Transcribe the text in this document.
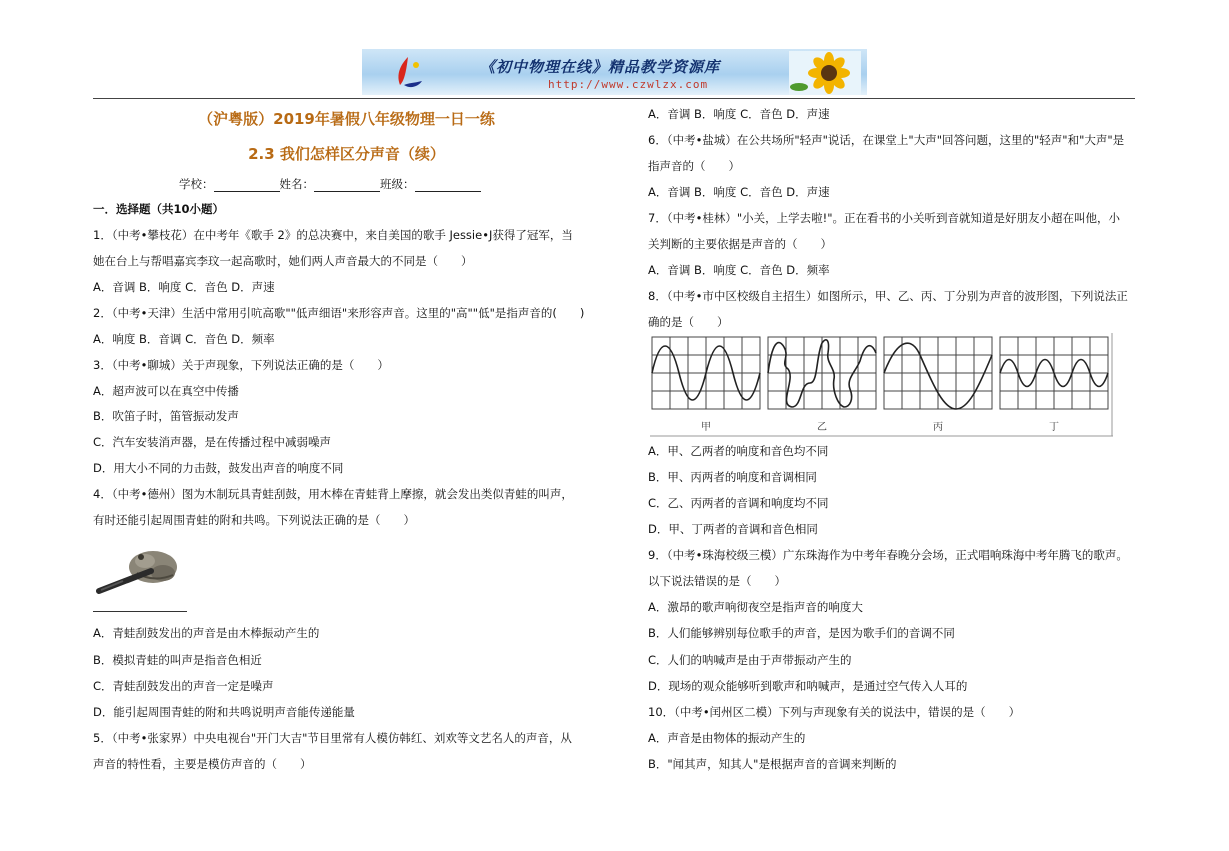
《初中物理在线》精品教学资源库
http://www.czwlzx.com
（沪粤版）2019年暑假八年级物理一日一练
2.3 我们怎样区分声音（续）
学校：	姓名：	班级：
一．选择题（共10小题）
1．（中考•攀枝花）在中考年《歌手 2》的总决赛中，来自美国的歌手 Jessie•J获得了冠军，当
她在台上与帮唱嘉宾李玟一起高歌时，她们两人声音最大的不同是（　　）
A．音调 B．响度 C．音色 D．声速
2．（中考•天津）生活中常用引吭高歌""低声细语"来形容声音。这里的"高""低"是指声音的(　　)
A．响度 B．音调 C．音色 D．频率
3．（中考•聊城）关于声现象，下列说法正确的是（　　）
A．超声波可以在真空中传播
B．吹笛子时，笛管振动发声
C．汽车安装消声器，是在传播过程中减弱噪声
D．用大小不同的力击鼓，鼓发出声音的响度不同
4．（中考•德州）图为木制玩具青蛙刮鼓，用木棒在青蛙背上摩擦，就会发出类似青蛙的叫声，
有时还能引起周围青蛙的附和共鸣。下列说法正确的是（　　）
A．青蛙刮鼓发出的声音是由木棒振动产生的
B．模拟青蛙的叫声是指音色相近
C．青蛙刮鼓发出的声音一定是噪声
D．能引起周围青蛙的附和共鸣说明声音能传递能量
5．（中考•张家界）中央电视台"开门大吉"节目里常有人模仿韩红、刘欢等文艺名人的声音，从
声音的特性看，主要是模仿声音的（　　）
A．音调 B．响度 C．音色 D．声速
6．（中考•盐城）在公共场所"轻声"说话，在课堂上"大声"回答问题，这里的"轻声"和"大声"是
指声音的（　　）
A．音调 B．响度 C．音色 D．声速
7．（中考•桂林）"小关，上学去啦!"。正在看书的小关听到音就知道是好朋友小超在叫他，小
关判断的主要依据是声音的（　　）
A．音调 B．响度 C．音色 D．频率
8．（中考•市中区校级自主招生）如图所示，甲、乙、丙、丁分别为声音的波形图，下列说法正
确的是（　　）
甲	乙	丙	丁
A．甲、乙两者的响度和音色均不同
B．甲、丙两者的响度和音调相同
C．乙、丙两者的音调和响度均不同
D．甲、丁两者的音调和音色相同
9．（中考•珠海校级三模）广东珠海作为中考年春晚分会场，正式唱响珠海中考年腾飞的歌声。
以下说法错误的是（　　）
A．激昂的歌声响彻夜空是指声音的响度大
B．人们能够辨别每位歌手的声音，是因为歌手们的音调不同
C．人们的呐喊声是由于声带振动产生的
D．现场的观众能够听到歌声和呐喊声，是通过空气传入人耳的
10．（中考•闰州区二模）下列与声现象有关的说法中，错误的是（　　）
A．声音是由物体的振动产生的
B．"闻其声，知其人"是根据声音的音调来判断的
